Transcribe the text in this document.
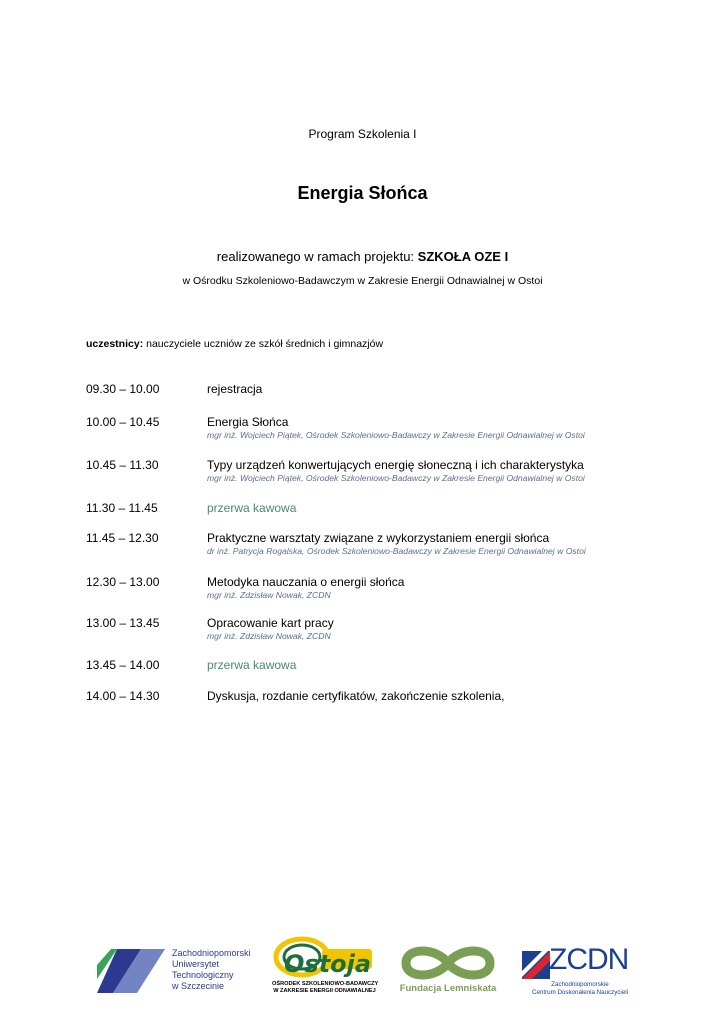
Program Szkolenia I
Energia Słońca
realizowanego w ramach projektu: SZKOŁA OZE I
w Ośrodku Szkoleniowo-Badawczym w Zakresie Energii Odnawialnej w Ostoi
uczestnicy: nauczyciele uczniów ze szkół średnich i gimnazjów
09.30 – 10.00	rejestracja
10.00 – 10.45	Energia Słońca
mgr inż. Wojciech Piątek, Ośrodek Szkoleniowo-Badawczy w Zakresie Energii Odnawialnej w Ostoi
10.45 – 11.30	Typy urządzeń konwertujących energię słoneczną i ich charakterystyka
mgr inż. Wojciech Piątek, Ośrodek Szkoleniowo-Badawczy w Zakresie Energii Odnawialnej w Ostoi
11.30 – 11.45	przerwa kawowa
11.45 – 12.30	Praktyczne warsztaty związane z wykorzystaniem energii słońca
dr inż. Patrycja Rogalska, Ośrodek Szkoleniowo-Badawczy w Zakresie Energii Odnawialnej w Ostoi
12.30 – 13.00	Metodyka nauczania o energii słońca
mgr inż. Zdzisław Nowak, ZCDN
13.00 – 13.45	Opracowanie kart pracy
mgr inż. Zdzisław Nowak, ZCDN
13.45 – 14.00	przerwa kawowa
14.00 – 14.30	Dyskusja, rozdanie certyfikatów, zakończenie szkolenia,
Zachodniopomorski
Uniwersytet
Technologiczny
w Szczecinie
Ostoja
OŚRODEK SZKOLENIOWO-BADAWCZY
W ZAKRESIE ENERGII ODNAWIALNEJ	Fundacja Lemniskata
ZCDN
Zachodniopomorskie
Centrum Doskonalenia Nauczycieli
